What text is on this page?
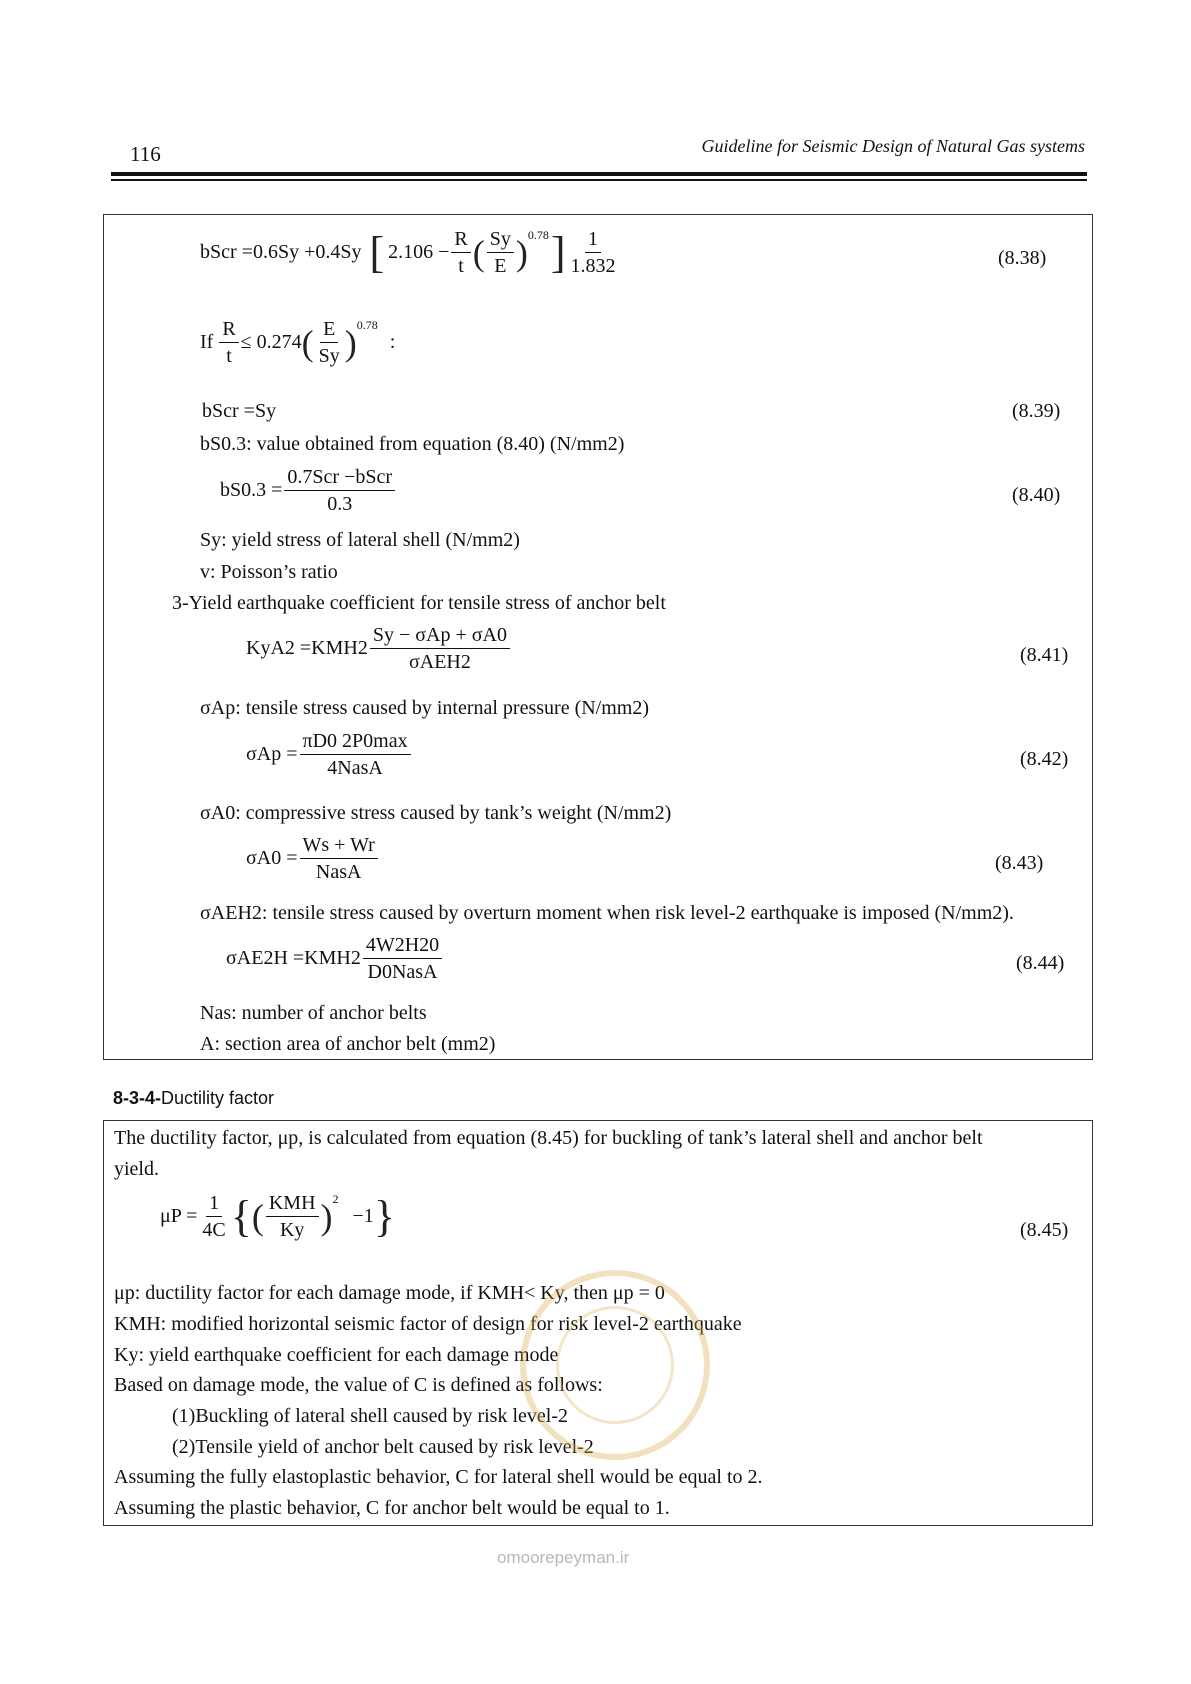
116	Guideline for Seismic Design of Natural Gas systems
bScr =0.6Sy +0.4Sy [ $2.106 - \frac{R}{t}$ ( $\frac{Sy}{E}$ ) 0.78 ] $\frac{1}{1.832}$	(8.38)
If $\frac{R}{t} \le 0.274$ ( $\frac{E}{Sy}$ ) 0.78
:
bScr =Sy	(8.39)
bS0.3: value obtained from equation (8.40) (N/mm2)
$bS0.3 = \frac{\text{0.7Scr −bScr}}{0.3}$	(8.40)
Sy: yield stress of lateral shell (N/mm2)
v: Poisson’s ratio
3-Yield earthquake coefficient for tensile stress of anchor belt
$KyA2 =KMH2 \frac{\text{Sy − σAp + σA0}}{\text{σAEH2}}$	(8.41)
σAp: tensile stress caused by internal pressure (N/mm2)
$\sigma Ap = \frac{\pi D0 2P0\max}{\text{4NasA}}$	(8.42)
σA0: compressive stress caused by tank’s weight (N/mm2)
$\sigma A0 = \frac{Ws + Wr}{\text{NasA}}$	(8.43)
σAEH2: tensile stress caused by overturn moment when risk level-2 earthquake is imposed (N/mm2).
$\sigma AE2H =KMH2 \frac{4W2H20}{\text{D0NasA}}$	(8.44)
Nas: number of anchor belts
A: section area of anchor belt (mm2)
8-3-4-Ductility factor
The ductility factor, μp, is calculated from equation (8.45) for buckling of tank’s lateral shell and anchor belt
yield.
$\mu P = \frac{1}{4C}$ { ( $\frac{\text{KMH}}{Ky}$ ) 2
−1 }	(8.45)
μp: ductility factor for each damage mode, if KMH< Ky, then μp = 0
KMH: modified horizontal seismic factor of design for risk level-2 earthquake
Ky: yield earthquake coefficient for each damage mode
Based on damage mode, the value of C is defined as follows:
(1)Buckling of lateral shell caused by risk level-2
(2)Tensile yield of anchor belt caused by risk level-2
Assuming the fully elastoplastic behavior, C for lateral shell would be equal to 2.
Assuming the plastic behavior, C for anchor belt would be equal to 1.
omoorepeyman.ir
